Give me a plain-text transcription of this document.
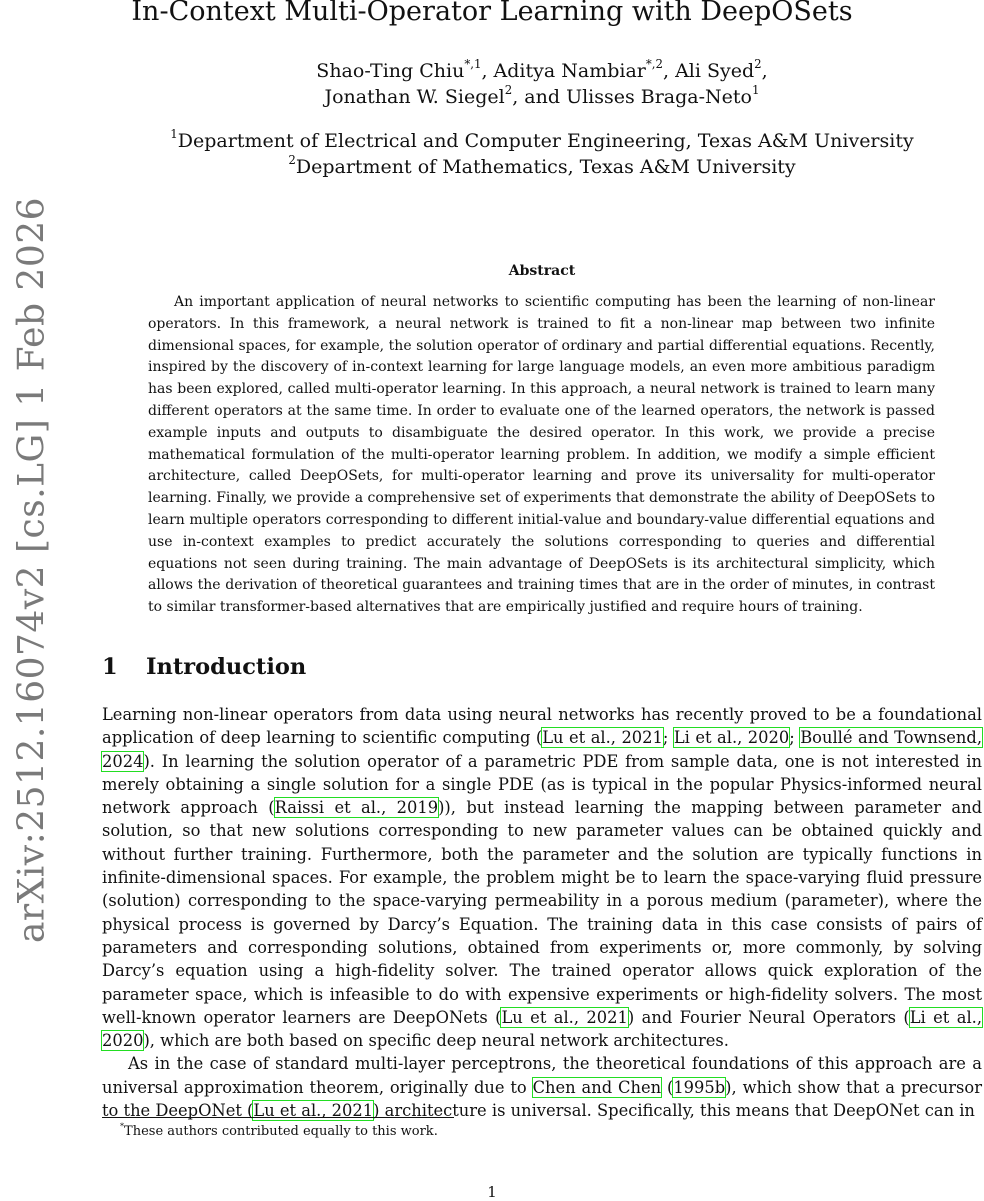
arXiv:2512.16074v2 [cs.LG] 1 Feb 2026
In-Context Multi-Operator Learning with DeepOSets
Shao-Ting Chiu$^{*,1}$, Aditya Nambiar$^{*,2}$, Ali Syed$^2$,
Jonathan W. Siegel$^2$, and Ulisses Braga-Neto$^1$
$^1$Department of Electrical and Computer Engineering, Texas A&M University
$^2$Department of Mathematics, Texas A&M University
Abstract

An important application of neural networks to scientific computing has been the learning of non-linear operators. In this framework, a neural network is trained to fit a non-linear map between two infinite dimensional spaces, for example, the solution operator of ordinary and partial differential equations. Recently, inspired by the discovery of in-context learning for large language models, an even more ambitious paradigm has been explored, called multi-operator learning. In this approach, a neural network is trained to learn many different operators at the same time. In order to evaluate one of the learned operators, the network is passed example inputs and outputs to disambiguate the desired operator. In this work, we provide a precise mathematical formulation of the multi-operator learning problem. In addition, we modify a simple efficient architecture, called DeepOSets, for multi-operator learning and prove its universality for multi-operator learning. Finally, we provide a comprehensive set of experiments that demonstrate the ability of DeepOSets to learn multiple operators corresponding to different initial-value and boundary-value differential equations and use in-context examples to predict accurately the solutions corresponding to queries and differential equations not seen during training. The main advantage of DeepOSets is its architectural simplicity, which allows the derivation of theoretical guarantees and training times that are in the order of minutes, in contrast to similar transformer-based alternatives that are empirically justified and require hours of training.

1 Introduction

Learning non-linear operators from data using neural networks has recently proved to be a foundational application of deep learning to scientific computing (Lu et al., 2021; Li et al., 2020; Boullé and Townsend, 2024). In learning the solution operator of a parametric PDE from sample data, one is not interested in merely obtaining a single solution for a single PDE (as is typical in the popular Physics-informed neural network approach (Raissi et al., 2019)), but instead learning the mapping between parameter and solution, so that new solutions corresponding to new parameter values can be obtained quickly and without further training. Furthermore, both the parameter and the solution are typically functions in infinite-dimensional spaces. For example, the problem might be to learn the space-varying fluid pressure (solution) corresponding to the space-varying permeability in a porous medium (parameter), where the physical process is governed by Darcy’s Equation. The training data in this case consists of pairs of parameters and corresponding solutions, obtained from experiments or, more commonly, by solving Darcy’s equation using a high-fidelity solver. The trained operator allows quick exploration of the parameter space, which is infeasible to do with expensive experiments or high-fidelity solvers. The most well-known operator learners are DeepONets (Lu et al., 2021) and Fourier Neural Operators (Li et al., 2020), which are both based on specific deep neural network architectures.

As in the case of standard multi-layer perceptrons, the theoretical foundations of this approach are a universal approximation theorem, originally due to Chen and Chen (1995b), which show that a precursor to the DeepONet (Lu et al., 2021) architecture is universal. Specifically, this means that DeepONet can in

*These authors contributed equally to this work.
1
